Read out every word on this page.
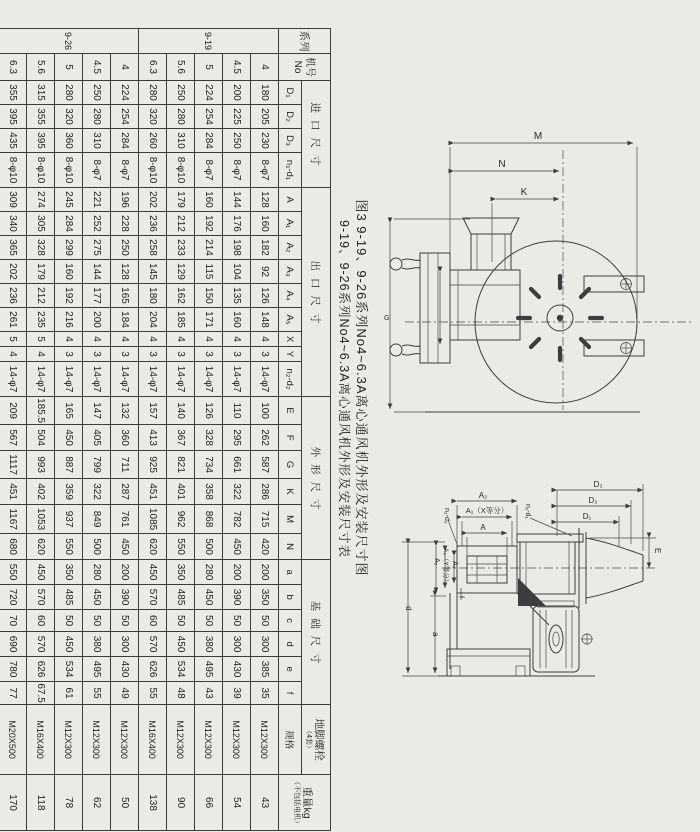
M
N
K
G
A
A₁（X等分）
A₂
n₂-d₂
A₃
A₄（Y等分）
A₅
f
D₃
D₂
D₁
n₁-d₁
E
a
d
图3 9-19、9-26系列No4~6.3A离心通风机外形及安装尺寸图
9-19、9-26系列No4~6.3A离心通风机外形及安装尺寸表
系列	机号
No	进口尺寸				出口尺寸									外形尺寸						基础尺寸						地脚螺栓
（4套）	重量kg
（不包括电机）

		D₁	D₂	D₃	n₁-d₁	A	A₁	A₂	A₃	A₄	A₅	X	Y	n₂-d₂	E	F	G	K	M	N	a	b	c	d	e	f	规格	
9-19	4	180	205	230	8-φ7	128	160	182	92	126	148	4	3	14-φ7	100	262	587	286	715	420	200	350	50	300	385	35	M12X300	43
	4.5	200	225	250	8-φ7	144	176	198	104	135	160	4	3	14-φ7	110	295	661	322	782	450	200	390	50	300	430	39	M12X300	54
	5	224	254	284	8-φ7	160	192	214	115	150	171	4	3	14-φ7	126	328	734	358	868	500	280	450	50	380	495	43	M12X300	66
	5.6	250	280	310	8-φ10	179	212	233	129	162	185	4	3	14-φ7	140	367	821	401	962	550	350	485	50	450	534	48	M12X300	90
	6.3	280	320	260	8-φ10	202	236	258	145	180	204	4	3	14-φ7	157	413	925	451	1085	620	450	570	60	570	626	55	M16X400	138
9-26	4	224	254	284	8-φ7	196	228	250	128	165	184	4	3	14-φ7	132	360	711	287	761	450	200	390	50	300	430	49	M12X300	50
	4.5	250	280	310	8-φ7	221	252	275	144	177	200	4	3	14-φ7	147	405	799	322	849	500	280	450	50	380	495	55	M12X300	62
	5	280	320	360	8-φ10	245	284	299	160	192	216	4	3	14-φ7	165	450	887	359	937	550	350	485	50	450	534	61	M12X300	78
	5.6	315	355	395	8-φ10	274	305	328	179	212	235	5	4	14-φ7	185.5	504	993	402	1053	620	450	570	60	570	626	67.5	M16X400	118
	6.3	355	395	435	8-φ10	309	340	365	202	236	261	5	4	14-φ7	209	567	1117	451	1167	680	550	720	70	690	780	77	M20X500	170
